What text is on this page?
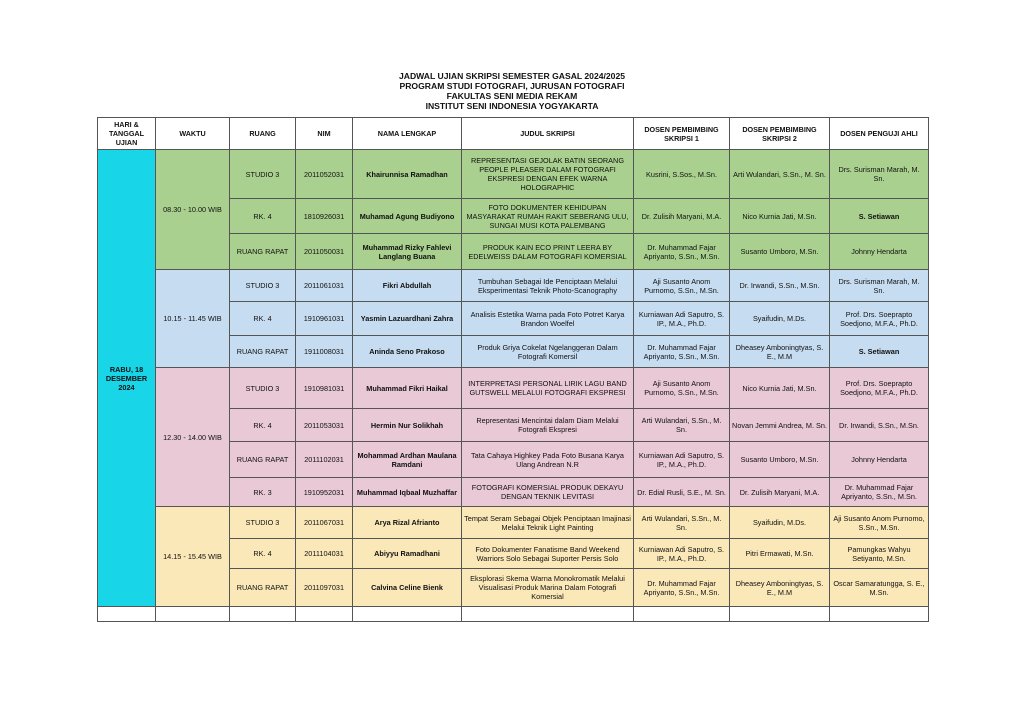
JADWAL UJIAN SKRIPSI SEMESTER GASAL 2024/2025
PROGRAM STUDI FOTOGRAFI, JURUSAN FOTOGRAFI
FAKULTAS SENI MEDIA REKAM
INSTITUT SENI INDONESIA YOGYAKARTA
HARI & TANGGAL UJIAN	WAKTU	RUANG	NIM	NAMA LENGKAP	JUDUL SKRIPSI	DOSEN PEMBIMBING SKRIPSI 1	DOSEN PEMBIMBING SKRIPSI 2	DOSEN PENGUJI AHLI
RABU, 18 DESEMBER 2024	08.30 - 10.00 WIB	STUDIO 3	2011052031	Khairunnisa Ramadhan	REPRESENTASI GEJOLAK BATIN SEORANG PEOPLE PLEASER DALAM FOTOGRAFI EKSPRESI DENGAN EFEK WARNA HOLOGRAPHIC	Kusrini, S.Sos., M.Sn.	Arti Wulandari, S.Sn., M. Sn.	Drs. Surisman Marah, M. Sn.
		RK. 4	1810926031	Muhamad Agung Budiyono	FOTO DOKUMENTER KEHIDUPAN MASYARAKAT RUMAH RAKIT SEBERANG ULU, SUNGAI MUSI KOTA PALEMBANG	Dr. Zulisih Maryani, M.A.	Nico Kurnia Jati, M.Sn.	S. Setiawan
		RUANG RAPAT	2011050031	Muhammad Rizky Fahlevi Langlang Buana	PRODUK KAIN ECO PRINT LEERA BY EDELWEISS DALAM FOTOGRAFI KOMERSIAL	Dr. Muhammad Fajar Apriyanto, S.Sn., M.Sn.	Susanto Umboro, M.Sn.	Johnny Hendarta
	10.15 - 11.45 WIB	STUDIO 3	2011061031	Fikri Abdullah	Tumbuhan Sebagai Ide Penciptaan Melalui Eksperimentasi Teknik Photo-Scanography	Aji Susanto Anom Purnomo, S.Sn., M.Sn.	Dr. Irwandi, S.Sn., M.Sn.	Drs. Surisman Marah, M. Sn.
		RK. 4	1910961031	Yasmin Lazuardhani Zahra	Analisis Estetika Warna pada Foto Potret Karya Brandon Woelfel	Kurniawan Adi Saputro, S. IP., M.A., Ph.D.	Syaifudin, M.Ds.	Prof. Drs. Soeprapto Soedjono, M.F.A., Ph.D.
		RUANG RAPAT	1911008031	Aninda Seno Prakoso	Produk Griya Cokelat Ngelanggeran Dalam Fotografi Komersil	Dr. Muhammad Fajar Apriyanto, S.Sn., M.Sn.	Dheasey Amboningtyas, S. E., M.M	S. Setiawan
	12.30 - 14.00 WIB	STUDIO 3	1910981031	Muhammad Fikri Haikal	INTERPRETASI PERSONAL LIRIK LAGU BAND GUTSWELL MELALUI FOTOGRAFI EKSPRESI	Aji Susanto Anom Purnomo, S.Sn., M.Sn.	Nico Kurnia Jati, M.Sn.	Prof. Drs. Soeprapto Soedjono, M.F.A., Ph.D.
		RK. 4	2011053031	Hermin Nur Solikhah	Representasi Mencintai dalam Diam Melalui Fotografi Ekspresi	Arti Wulandari, S.Sn., M. Sn.	Novan Jemmi Andrea, M. Sn.	Dr. Irwandi, S.Sn., M.Sn.
		RUANG RAPAT	2011102031	Mohammad Ardhan Maulana Ramdani	Tata Cahaya Highkey Pada Foto Busana Karya Ulang Andrean N.R	Kurniawan Adi Saputro, S. IP., M.A., Ph.D.	Susanto Umboro, M.Sn.	Johnny Hendarta
		RK. 3	1910952031	Muhammad Iqbaal Muzhaffar	FOTOGRAFI KOMERSIAL PRODUK DEKAYU DENGAN TEKNIK LEVITASI	Dr. Edial Rusli, S.E., M. Sn.	Dr. Zulisih Maryani, M.A.	Dr. Muhammad Fajar Apriyanto, S.Sn., M.Sn.
	14.15 - 15.45 WIB	STUDIO 3	2011067031	Arya Rizal Afrianto	Tempat Seram Sebagai Objek Penciptaan Imajinasi Melalui Teknik Light Painting	Arti Wulandari, S.Sn., M. Sn.	Syaifudin, M.Ds.	Aji Susanto Anom Purnomo, S.Sn., M.Sn.
		RK. 4	2011104031	Abiyyu Ramadhani	Foto Dokumenter Fanatisme Band Weekend Warriors Solo Sebagai Suporter Persis Solo	Kurniawan Adi Saputro, S. IP., M.A., Ph.D.	Pitri Ermawati, M.Sn.	Pamungkas Wahyu Setiyanto, M.Sn.
		RUANG RAPAT	2011097031	Calvina Celine Bienk	Eksplorasi Skema Warna Monokromatik Melalui Visualisasi Produk Marina Dalam Fotografi Komersial	Dr. Muhammad Fajar Apriyanto, S.Sn., M.Sn.	Dheasey Amboningtyas, S. E., M.M	Oscar Samaratungga, S. E., M.Sn.
